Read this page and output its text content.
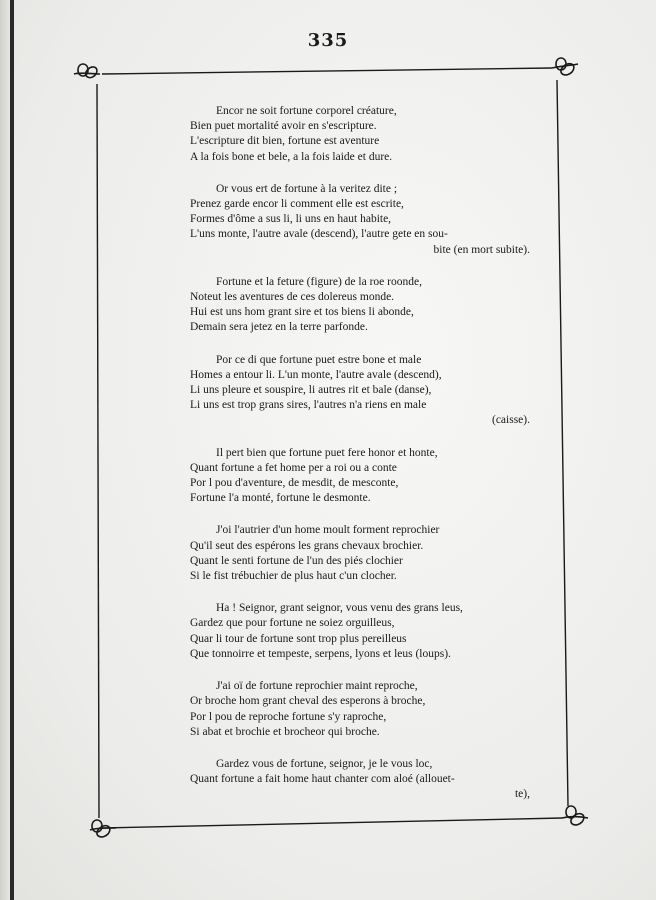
335
Encor ne soit fortune corporel créature,
Bien puet mortalité avoir en s'escripture.
L'escripture dit bien, fortune est aventure
A la fois bone et bele, a la fois laide et dure.
Or vous ert de fortune à la veritez dite ;
Prenez garde encor li comment elle est escrite,
Formes d'ôme a sus li, li uns en haut habite,
L'uns monte, l'autre avale (descend), l'autre gete en sou-
bite (en mort subite).
Fortune et la feture (figure) de la roe roonde,
Noteut les aventures de ces dolereus monde.
Hui est uns hom grant sire et tos biens li abonde,
Demain sera jetez en la terre parfonde.
Por ce di que fortune puet estre bone et male
Homes a entour li. L'un monte, l'autre avale (descend),
Li uns pleure et souspire, li autres rit et bale (danse),
Li uns est trop grans sires, l'autres n'a riens en male
(caisse).
Il pert bien que fortune puet fere honor et honte,
Quant fortune a fet home per a roi ou a conte
Por l pou d'aventure, de mesdit, de mesconte,
Fortune l'a monté, fortune le desmonte.
J'oi l'autrier d'un home moult forment reprochier
Qu'il seut des espérons les grans chevaux brochier.
Quant le senti fortune de l'un des piés clochier
Si le fist trébuchier de plus haut c'un clocher.
Ha ! Seignor, grant seignor, vous venu des grans leus,
Gardez que pour fortune ne soiez orguilleus,
Quar li tour de fortune sont trop plus pereilleus
Que tonnoirre et tempeste, serpens, lyons et leus (loups).
J'ai oï de fortune reprochier maint reproche,
Or broche hom grant cheval des esperons à broche,
Por l pou de reproche fortune s'y raproche,
Si abat et brochie et brocheor qui broche.
Gardez vous de fortune, seignor, je le vous loc,
Quant fortune a fait home haut chanter com aloé (allouet-
te),
